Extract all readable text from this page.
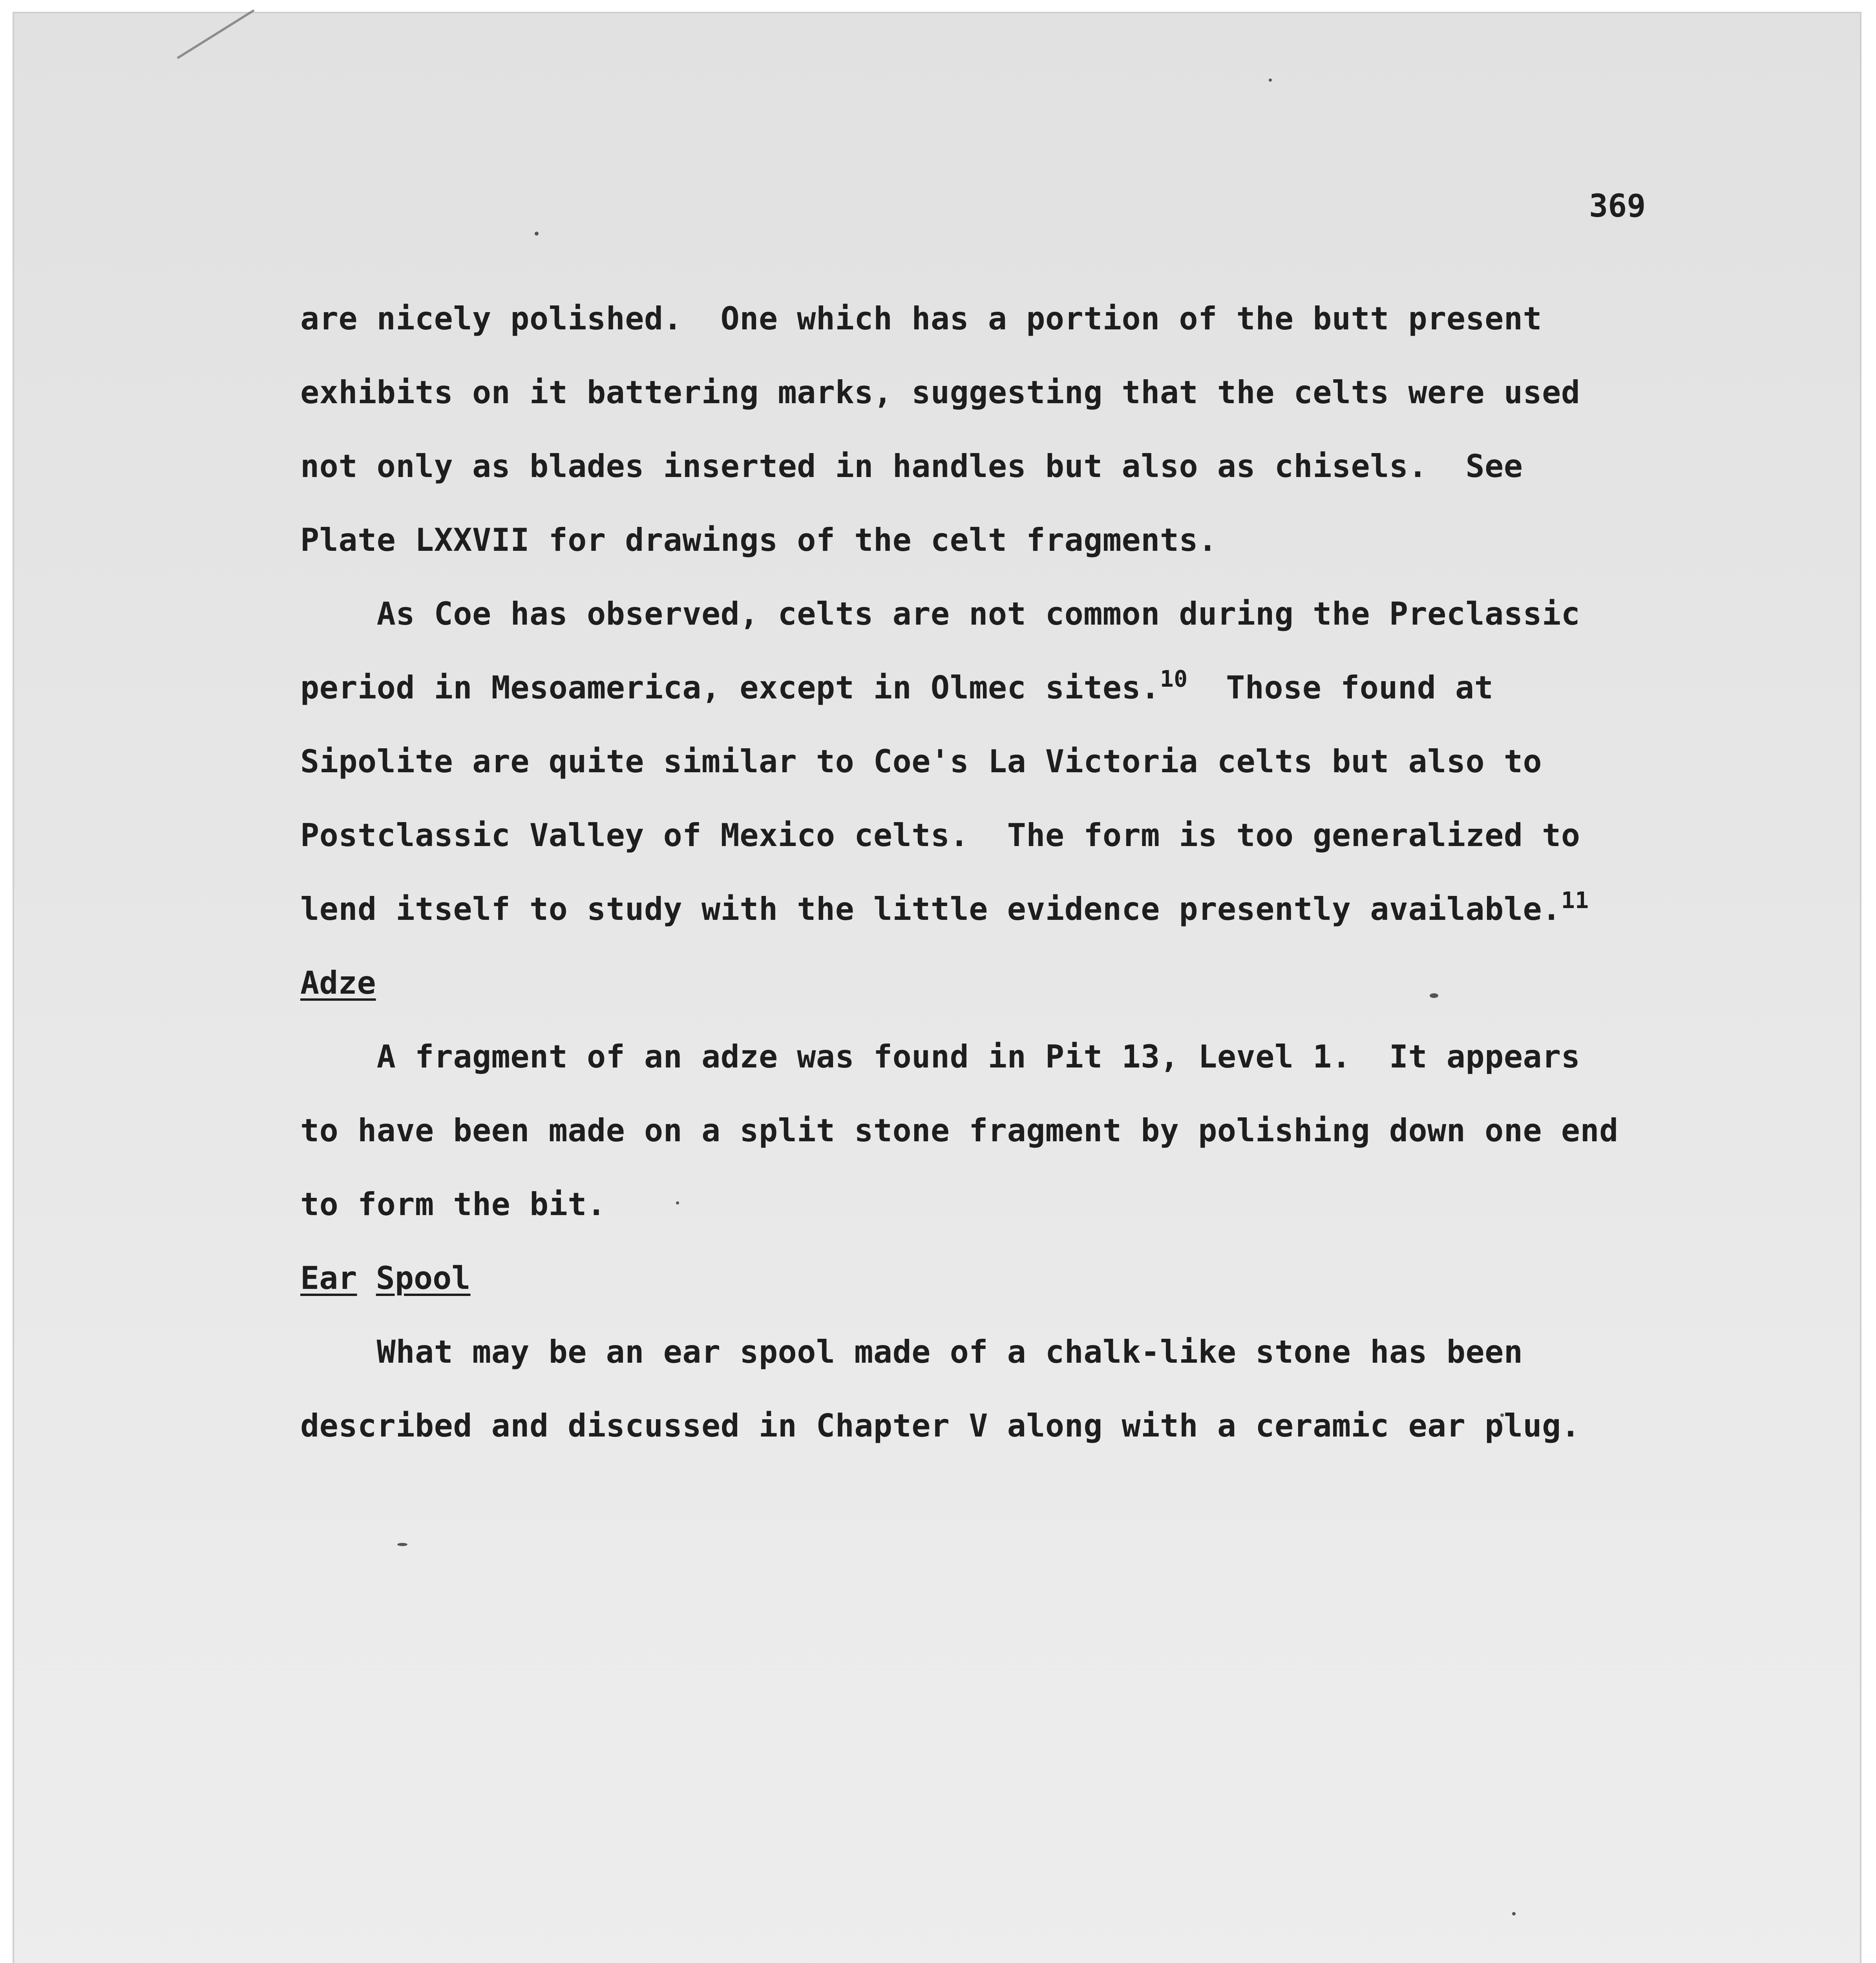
369

are nicely polished.  One which has a portion of the butt present

exhibits on it battering marks, suggesting that the celts were used

not only as blades inserted in handles but also as chisels.  See

Plate LXXVII for drawings of the celt fragments.

As Coe has observed, celts are not common during the Preclassic

period in Mesoamerica, except in Olmec sites.$^{10}$  Those found at

Sipolite are quite similar to Coe's La Victoria celts but also to

Postclassic Valley of Mexico celts.  The form is too generalized to

lend itself to study with the little evidence presently available.$^{11}$

Adze

A fragment of an adze was found in Pit 13, Level 1.  It appears

to have been made on a split stone fragment by polishing down one end

to form the bit.

Ear Spool

What may be an ear spool made of a chalk-like stone has been

described and discussed in Chapter V along with a ceramic ear plug.
